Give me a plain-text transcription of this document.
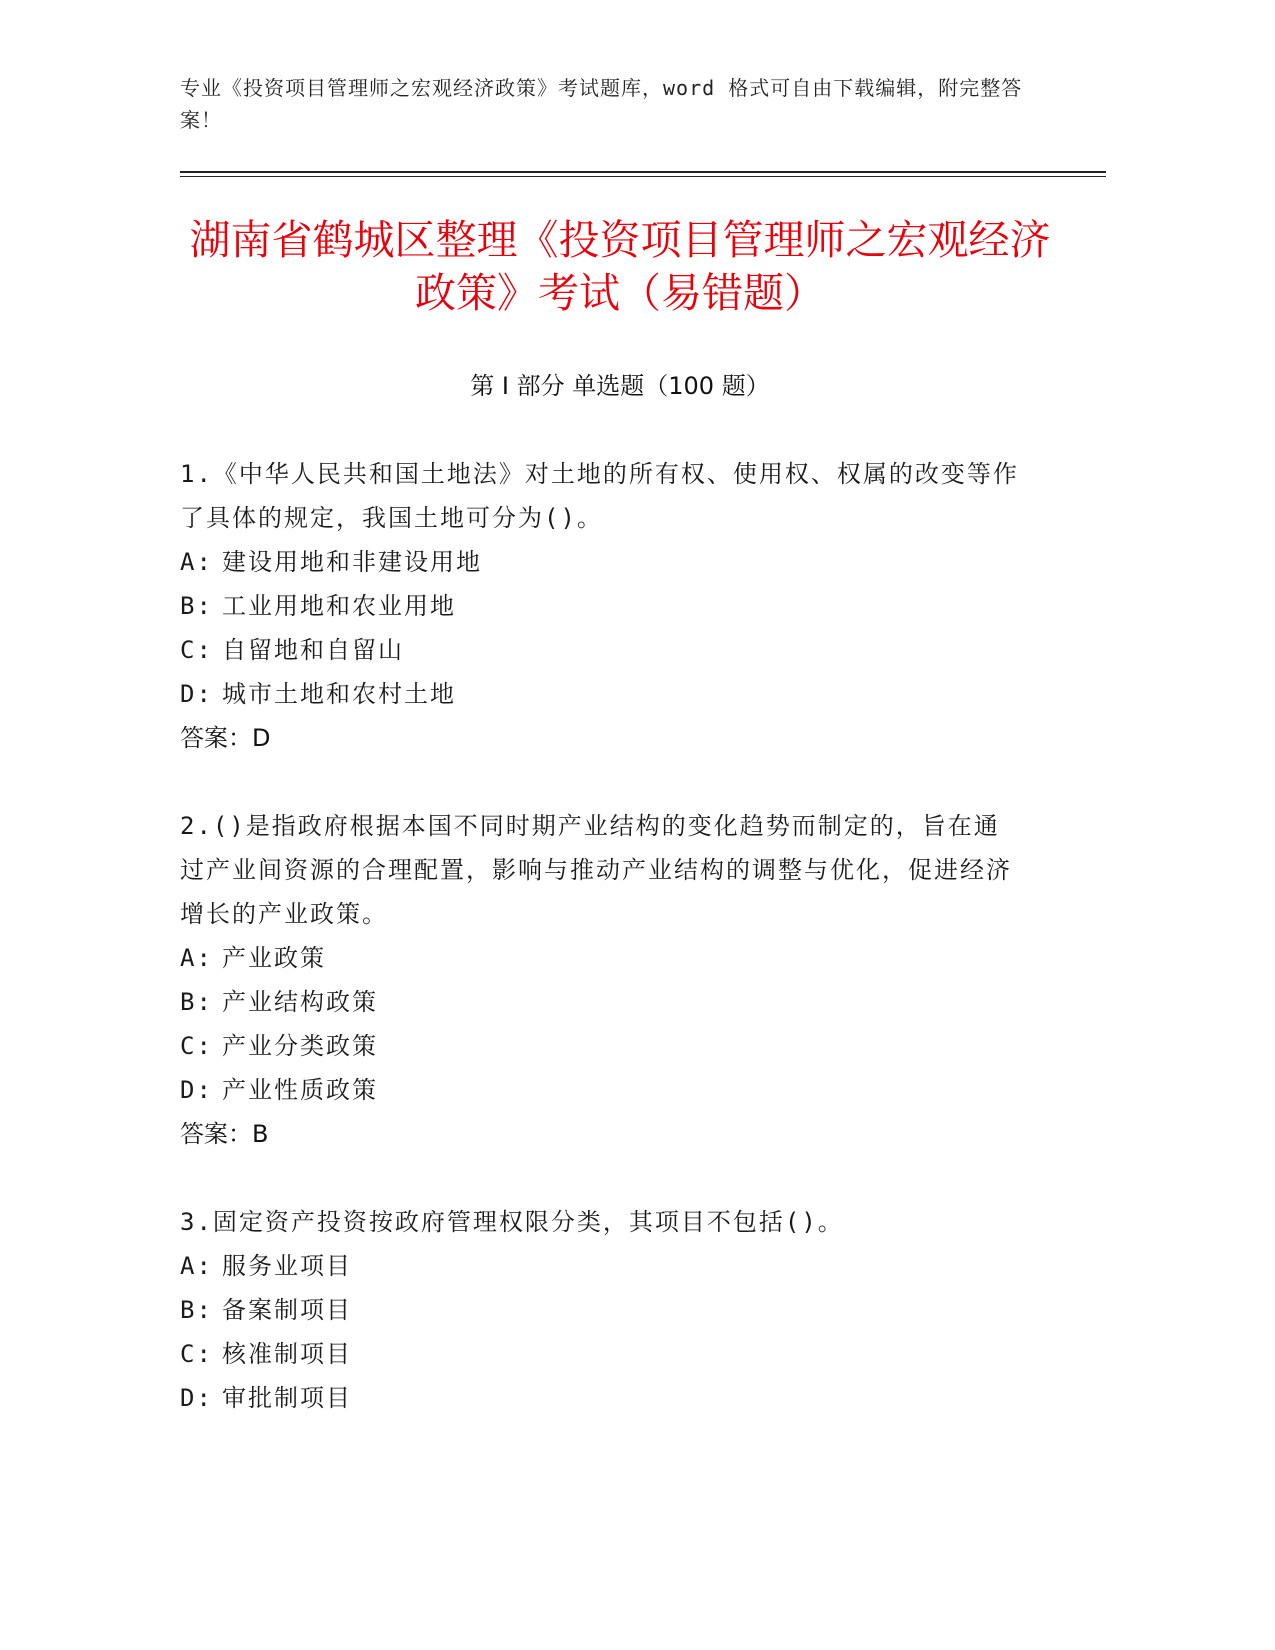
专业《投资项目管理师之宏观经济政策》考试题库，word 格式可自由下载编辑，附完整答案！
湖南省鹤城区整理《投资项目管理师之宏观经济政策》考试（易错题）
第 I 部分 单选题（100 题）
1.《中华人民共和国土地法》对土地的所有权、使用权、权属的改变等作了具体的规定，我国土地可分为()。
A: 建设用地和非建设用地
B: 工业用地和农业用地
C: 自留地和自留山
D: 城市土地和农村土地
答案：D
2.()是指政府根据本国不同时期产业结构的变化趋势而制定的，旨在通过产业间资源的合理配置，影响与推动产业结构的调整与优化，促进经济增长的产业政策。
A: 产业政策
B: 产业结构政策
C: 产业分类政策
D: 产业性质政策
答案：B
3.固定资产投资按政府管理权限分类，其项目不包括()。
A: 服务业项目
B: 备案制项目
C: 核准制项目
D: 审批制项目
